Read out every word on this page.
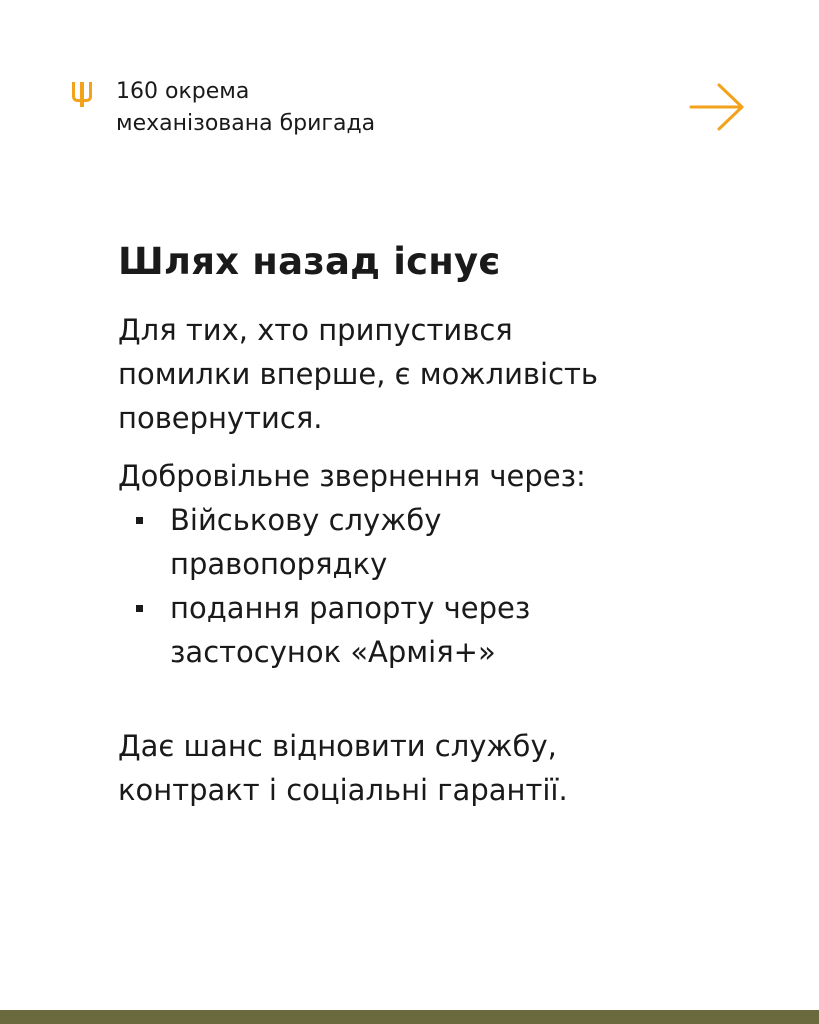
160 окрема
механізована бригада
Шлях назад існує
Для тих, хто припустився
помилки вперше, є можливість
повернутися.
Добровільне звернення через:
Військову службу
правопорядку
подання рапорту через
застосунок «Армія+»
Дає шанс відновити службу,
контракт і соціальні гарантії.
